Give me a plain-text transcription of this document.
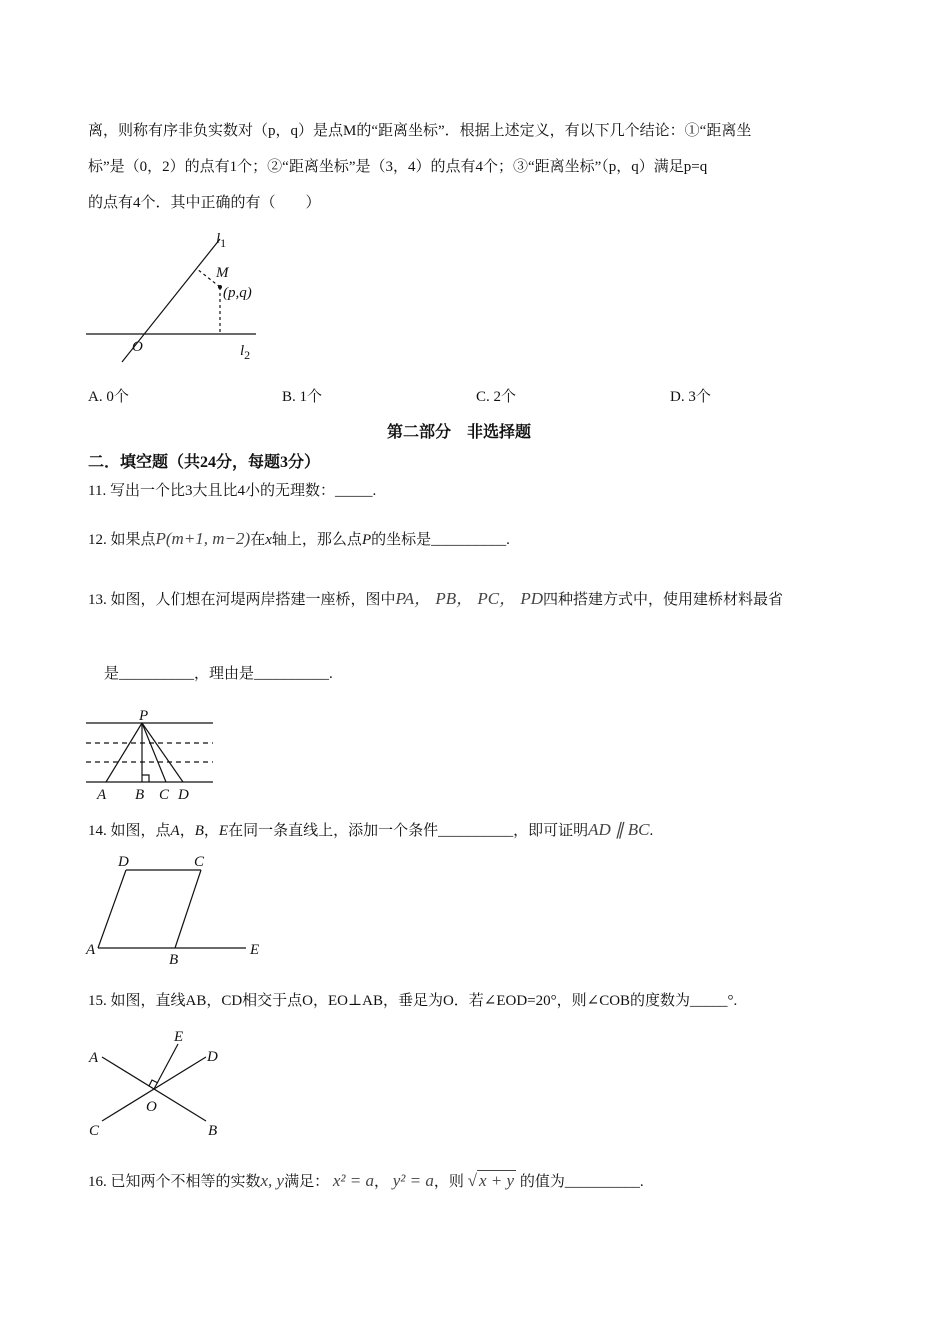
离，则称有序非负实数对（p，q）是点M的“距离坐标”．根据上述定义，有以下几个结论：①“距离坐
标”是（0，2）的点有1个；②“距离坐标”是（3，4）的点有4个；③“距离坐标”（p，q）满足p=q
的点有4个．其中正确的有（　　）
$l_1$
M
(p,q)
O	$l_2$
A. 0个	B. 1个	C. 2个	D. 3个
第二部分　非选择题
二．填空题（共24分，每题3分）
11. 写出一个比3大且比4小的无理数：_____.
12. 如果点P(m+1, m−2)在x轴上，那么点P的坐标是__________.
13. 如图，人们想在河堤两岸搭建一座桥，图中PA， PB， PC， PD四种搭建方式中，使用建桥材料最省
是__________，理由是__________.
P
A B C D
14. 如图，点A，B，E在同一条直线上，添加一个条件__________，即可证明AD ∥ BC.
D	C
A
B
E
15. 如图，直线AB，CD相交于点O，EO⊥AB，垂足为O．若∠EOD=20°，则∠COB的度数为_____°.
E
D
A
O
C	B
16. 已知两个不相等的实数x, y满足： x² = a， y² = a，则 √ x + y 的值为__________.
